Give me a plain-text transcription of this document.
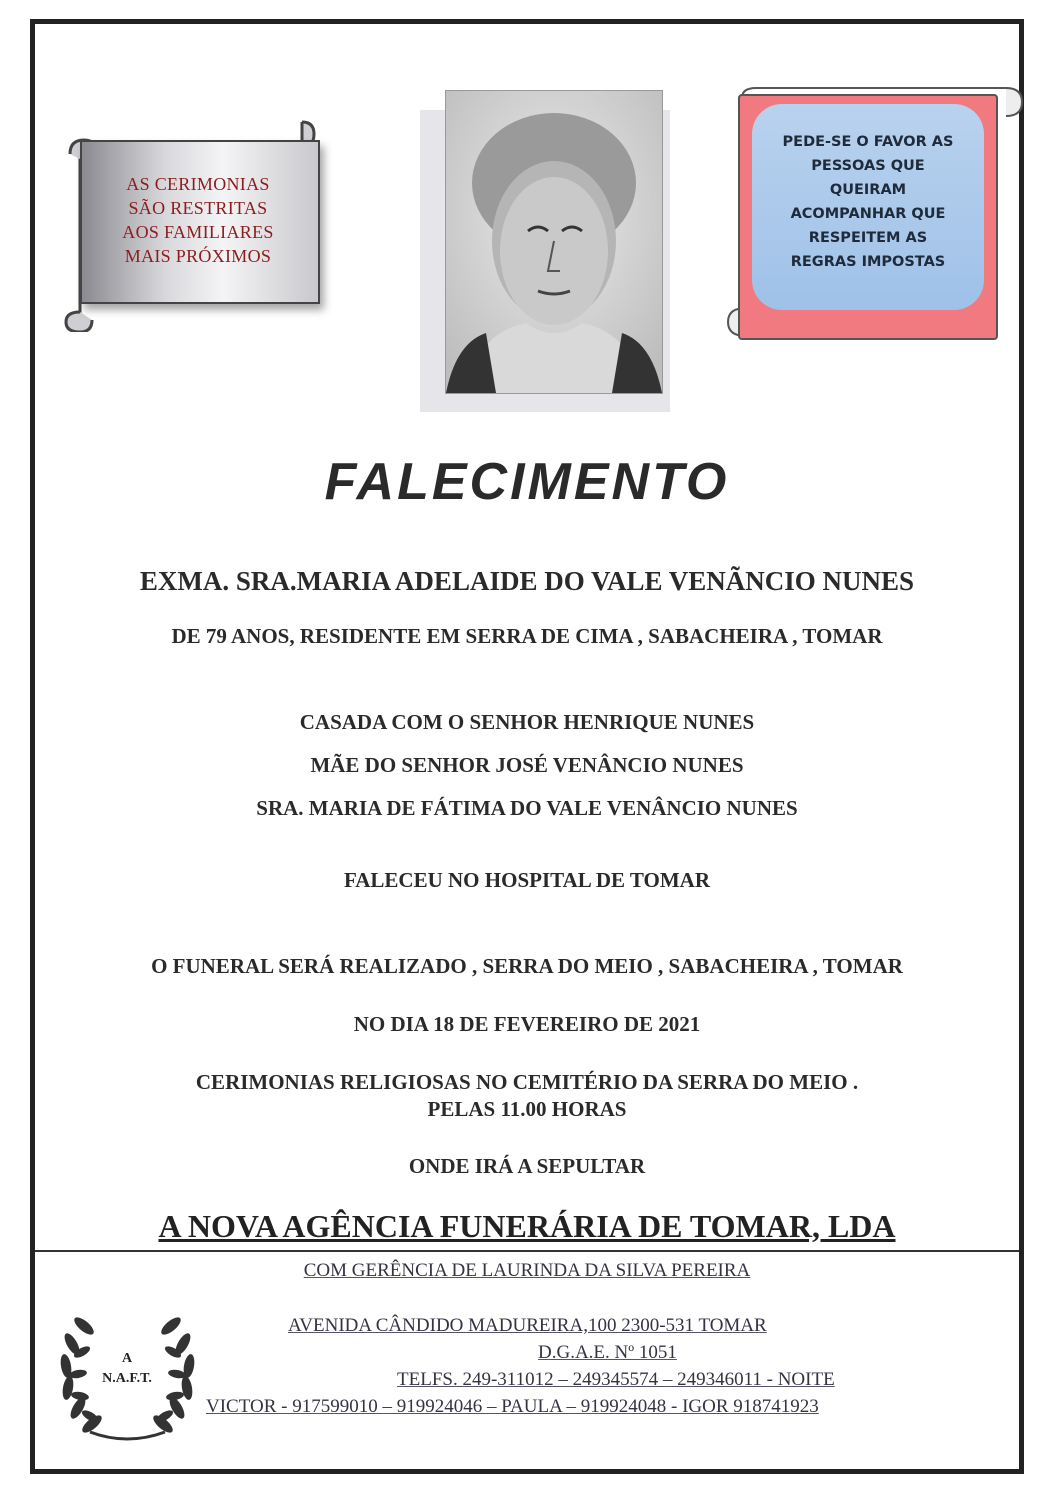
AS CERIMONIAS
SÃO RESTRITAS
AOS FAMILIARES
MAIS PRÓXIMOS
PEDE-SE O FAVOR AS
PESSOAS QUE
QUEIRAM
ACOMPANHAR QUE
RESPEITEM AS
REGRAS IMPOSTAS
FALECIMENTO
EXMA. SRA.MARIA ADELAIDE DO VALE VENÃNCIO NUNES
DE 79 ANOS, RESIDENTE EM SERRA DE CIMA , SABACHEIRA , TOMAR
CASADA COM O SENHOR HENRIQUE NUNES
MÃE DO SENHOR JOSÉ VENÂNCIO NUNES
SRA. MARIA DE FÁTIMA DO VALE VENÂNCIO NUNES
FALECEU NO HOSPITAL DE TOMAR
O FUNERAL SERÁ REALIZADO , SERRA DO MEIO , SABACHEIRA , TOMAR
NO DIA 18 DE FEVEREIRO DE 2021
CERIMONIAS RELIGIOSAS NO CEMITÉRIO DA SERRA DO MEIO .
PELAS 11.00 HORAS
ONDE IRÁ A SEPULTAR
A NOVA AGÊNCIA FUNERÁRIA DE TOMAR, LDA
COM GERÊNCIA DE LAURINDA DA SILVA PEREIRA
AVENIDA CÂNDIDO MADUREIRA,100 2300-531 TOMAR
D.G.A.E. Nº 1051
TELFS. 249-311012 – 249345574 – 249346011 - NOITE
VICTOR - 917599010 – 919924046 – PAULA – 919924048 - IGOR 918741923
A
N.A.F.T.
